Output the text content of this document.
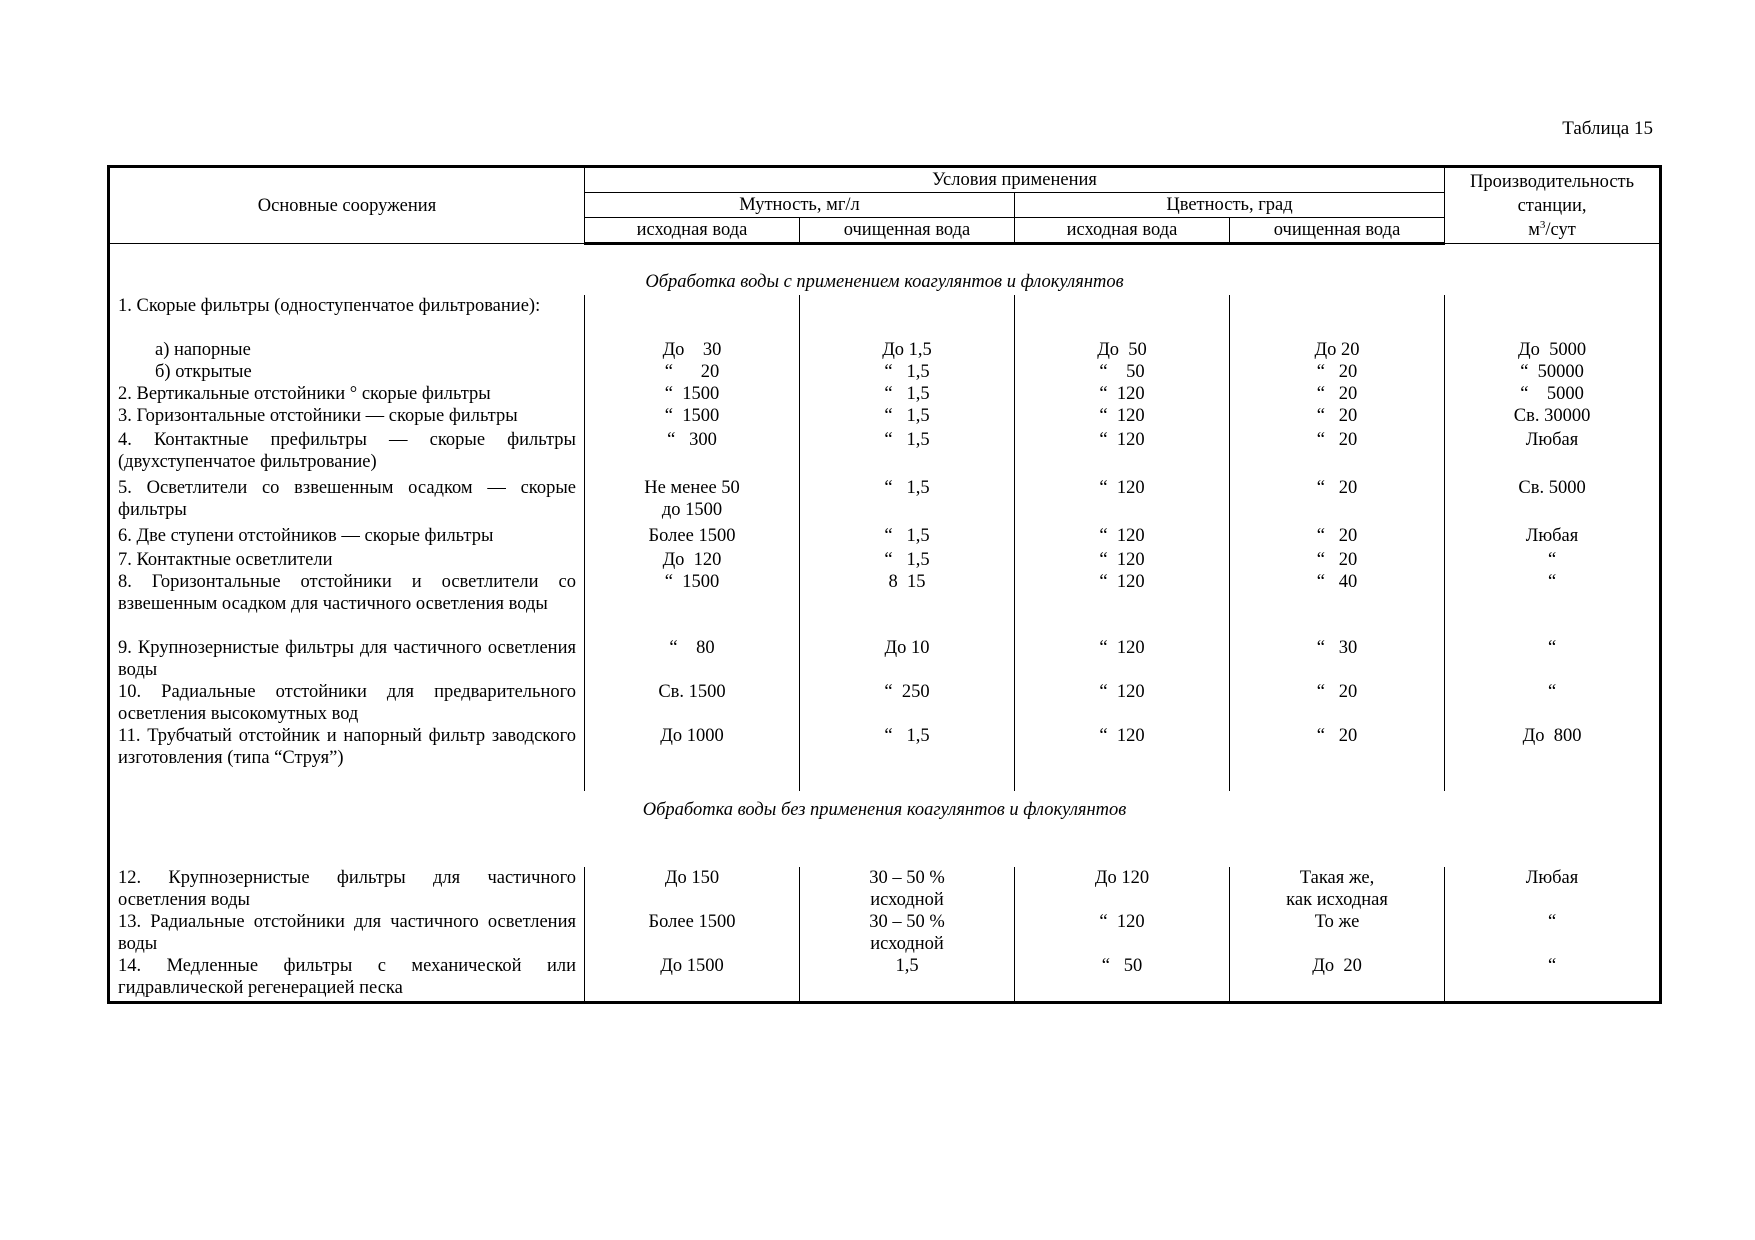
Таблица 15
Основные сооружения	Условия применения				Производительность
станции,
$м^3$/сут
	Мутность, мг/л		Цветность, град		
	исходная вода	очищенная вода	исходная вода	очищенная вода	
Обработка воды с применением коагулянтов и флокулянтов					
1. Скорые фильтры (одноступенчатое фильтрование):					
а) напорные	До    30	До 1,5	До  50	До 20	До  5000
б) открытые	“      20	“   1,5	“    50	“   20	“  50000
2. Вертикальные отстойники ° скорые фильтры	“  1500	“   1,5	“  120	“   20	“    5000
3. Горизонтальные отстойники — скорые фильтры	“  1500	“   1,5	“  120	“   20	Св. 30000
4. Контактные префильтры — скорые фильтры (двухступенчатое фильтрование)	“   300	“   1,5	“  120	“   20	Любая
5. Осветлители со взвешенным осадком — скорые фильтры	Не менее 50
до 1500	“   1,5	“  120	“   20	Св. 5000
6. Две ступени отстойников — скорые фильтры	Более 1500	“   1,5	“  120	“   20	Любая
7. Контактные осветлители	До  120	“   1,5	“  120	“   20	“
8. Горизонтальные отстойники и осветлители со взвешенным осадком для частичного осветления воды	“  1500	8  15	“  120	“   40	“
9. Крупнозернистые фильтры для частичного осветления воды	“    80	До 10	“  120	“   30	“
10. Радиальные отстойники для предварительного осветления высокомутных вод	Св. 1500	“  250	“  120	“   20	“
11. Трубчатый отстойник и напорный фильтр заводского изготовления (типа “Струя”)	До 1000	“   1,5	“  120	“   20	До  800
Обработка воды без применения коагулянтов и флокулянтов					
12. Крупнозернистые фильтры для частичного осветления воды	До 150	30 – 50 %
исходной	До 120	Такая же,
как исходная	Любая
13. Радиальные отстойники для частичного осветления воды	Более 1500	30 – 50 %
исходной	“  120	То же	“
14. Медленные фильтры с механической или гидравлической регенерацией песка	До 1500	1,5	“   50	До  20	“
